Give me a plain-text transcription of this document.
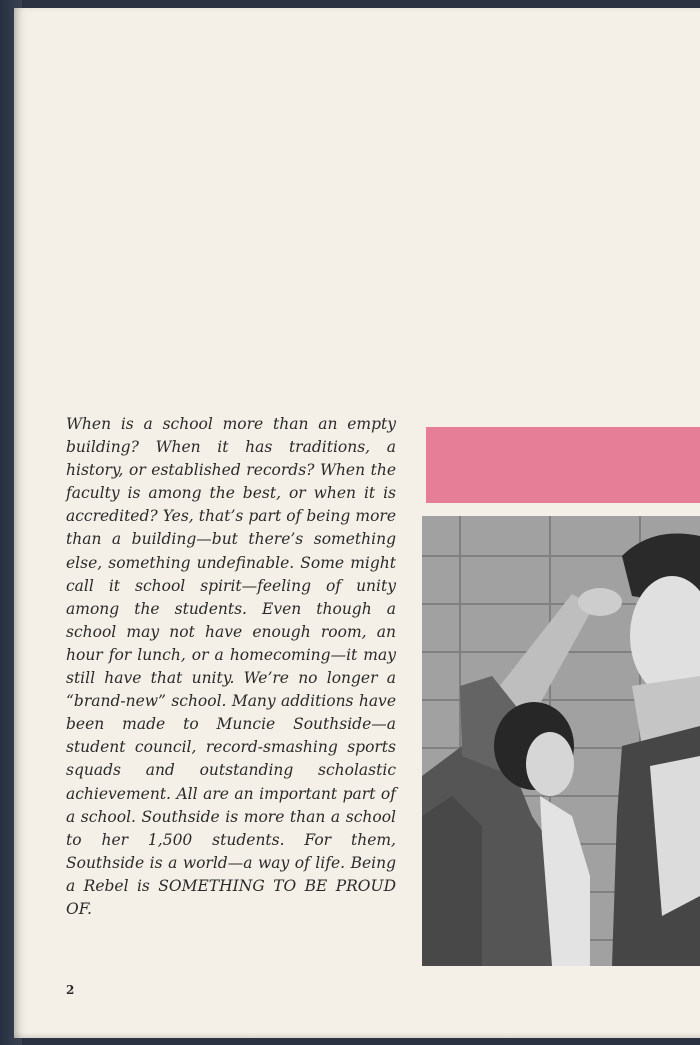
When is a school more than an empty building? When it has traditions, a history, or established records? When the faculty is among the best, or when it is accredited? Yes, that’s part of being more than a building—but there’s something else, something undefinable. Some might call it school spirit—feeling of unity among the students. Even though a school may not have enough room, an hour for lunch, or a homecoming—it may still have that unity. We’re no longer a “brand-new” school. Many additions have been made to Muncie Southside—a student council, record-smashing sports squads and outstanding scholastic achievement. All are an important part of a school. Southside is more than a school to her 1,500 students. For them, Southside is a world—a way of life. Being a Rebel is SOMETHING TO BE PROUD OF.

2
